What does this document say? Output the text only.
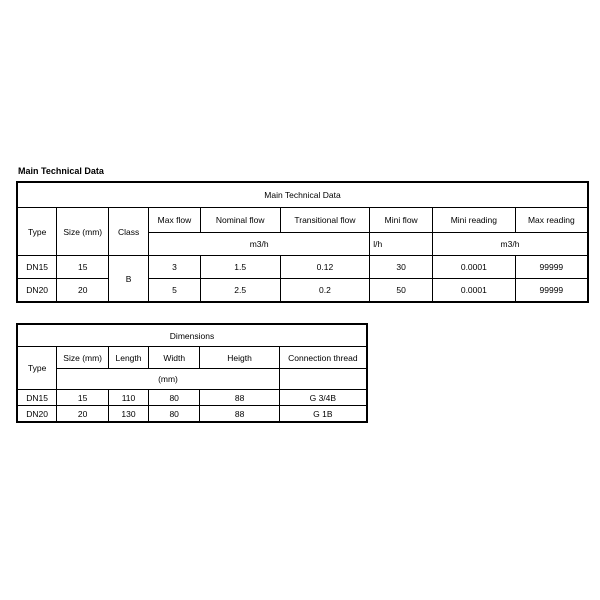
Main Technical Data
Main Technical Data								
Type	Size (mm)	Class	Max flow	Nominal flow	Transitional flow	Mini flow	Mini reading	Max reading
			m3/h			l/h	m3/h	
DN15	15	B	3	1.5	0.12	30	0.0001	99999
DN20	20		5	2.5	0.2	50	0.0001	99999
Dimensions					
Type	Size (mm)	Length	Width	Heigth	Connection thread
	(mm)				
DN15	15	110	80	88	G 3/4B
DN20	20	130	80	88	G 1B
